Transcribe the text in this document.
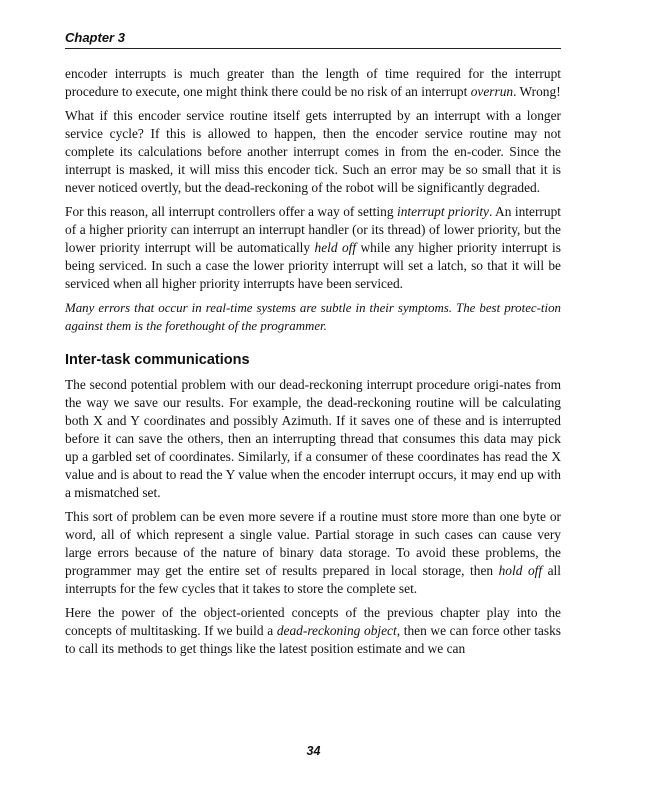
Chapter 3

encoder interrupts is much greater than the length of time required for the interrupt procedure to execute, one might think there could be no risk of an interrupt overrun. Wrong!

What if this encoder service routine itself gets interrupted by an interrupt with a longer service cycle? If this is allowed to happen, then the encoder service routine may not complete its calculations before another interrupt comes in from the en-coder. Since the interrupt is masked, it will miss this encoder tick. Such an error may be so small that it is never noticed overtly, but the dead-reckoning of the robot will be significantly degraded.

For this reason, all interrupt controllers offer a way of setting interrupt priority. An interrupt of a higher priority can interrupt an interrupt handler (or its thread) of lower priority, but the lower priority interrupt will be automatically held off while any higher priority interrupt is being serviced. In such a case the lower priority interrupt will set a latch, so that it will be serviced when all higher priority interrupts have been serviced.

Many errors that occur in real-time systems are subtle in their symptoms. The best protec-tion against them is the forethought of the programmer.

Inter-task communications

The second potential problem with our dead-reckoning interrupt procedure origi-nates from the way we save our results. For example, the dead-reckoning routine will be calculating both X and Y coordinates and possibly Azimuth. If it saves one of these and is interrupted before it can save the others, then an interrupting thread that consumes this data may pick up a garbled set of coordinates. Similarly, if a consumer of these coordinates has read the X value and is about to read the Y value when the encoder interrupt occurs, it may end up with a mismatched set.

This sort of problem can be even more severe if a routine must store more than one byte or word, all of which represent a single value. Partial storage in such cases can cause very large errors because of the nature of binary data storage. To avoid these problems, the programmer may get the entire set of results prepared in local storage, then hold off all interrupts for the few cycles that it takes to store the complete set.

Here the power of the object-oriented concepts of the previous chapter play into the concepts of multitasking. If we build a dead-reckoning object, then we can force other tasks to call its methods to get things like the latest position estimate and we can

34
